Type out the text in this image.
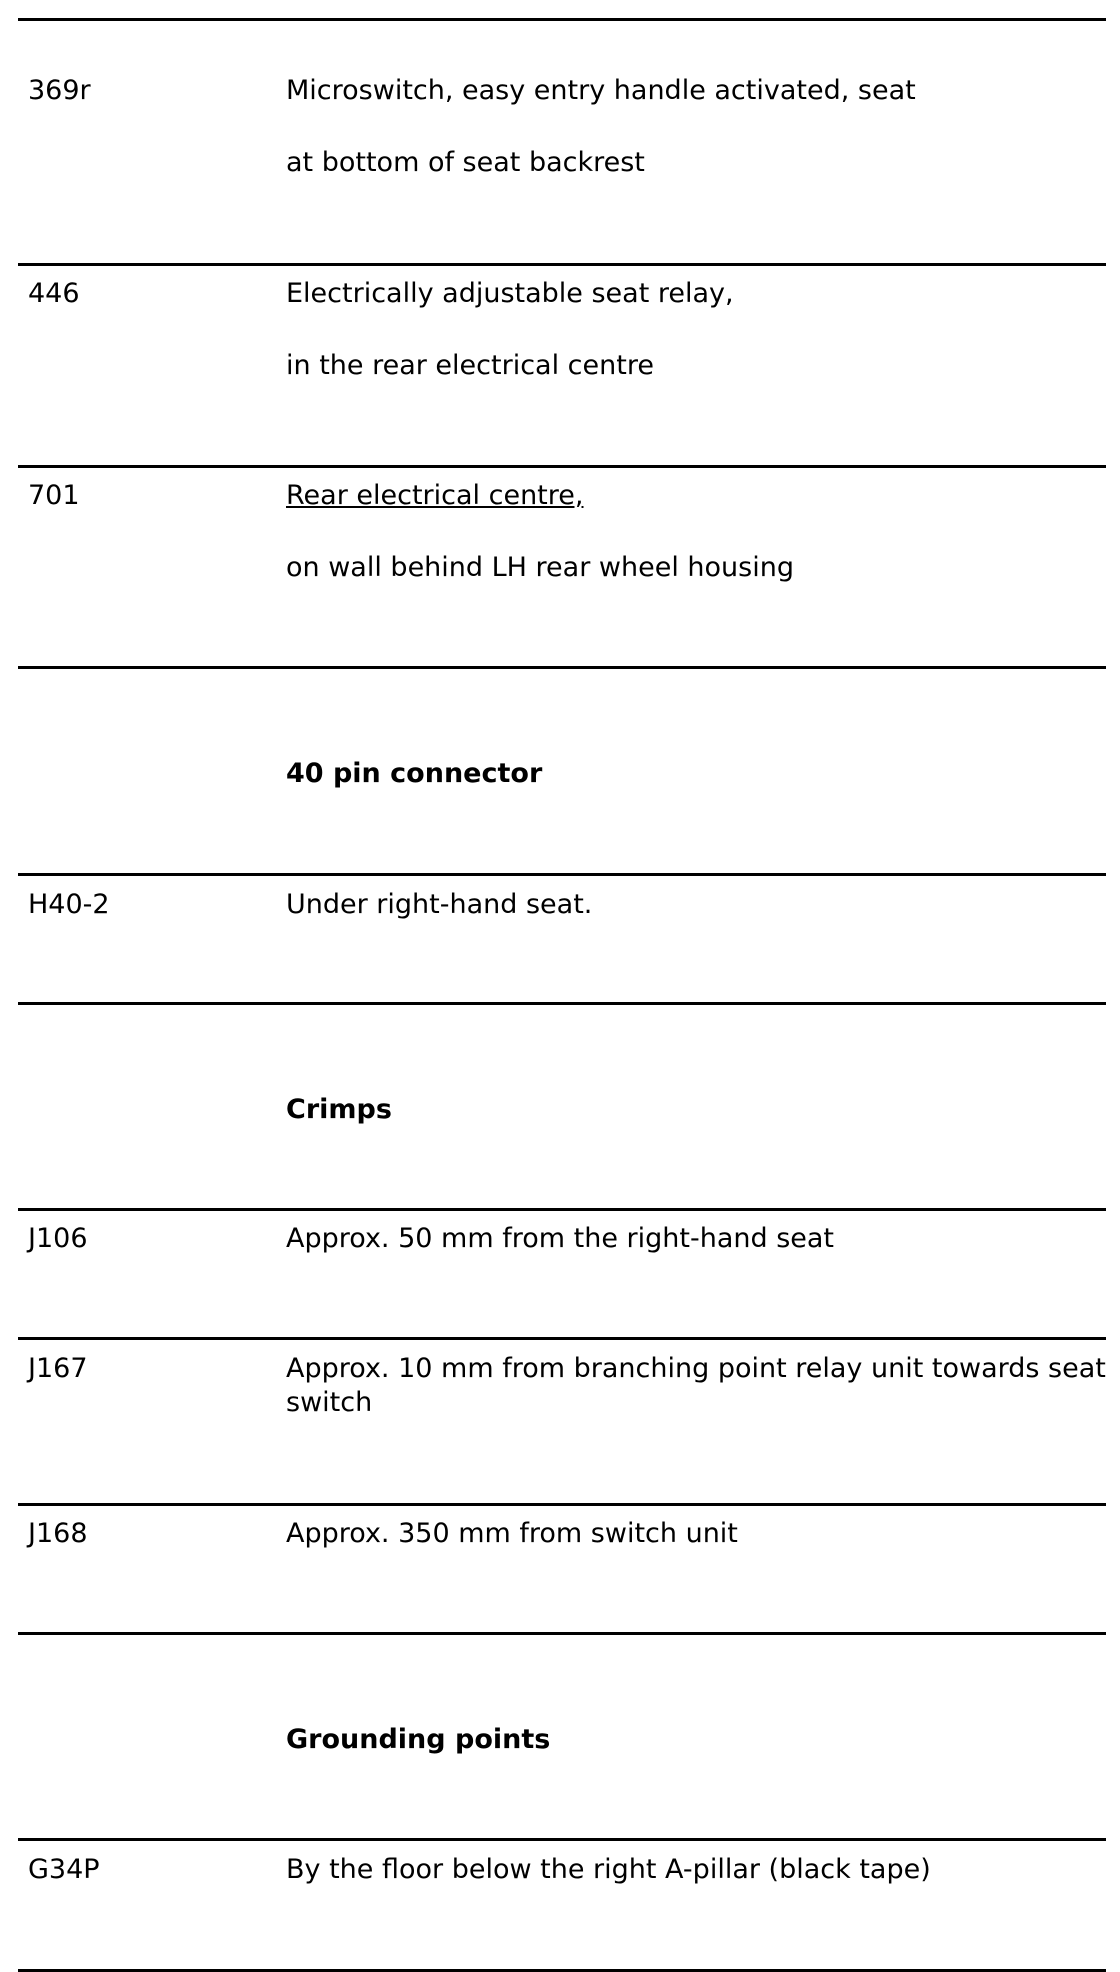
369r	Microswitch, easy entry handle activated, seat
at bottom of seat backrest
446	Electrically adjustable seat relay,
in the rear electrical centre
701	Rear electrical centre,
on wall behind LH rear wheel housing
40 pin connector
H40-2	Under right-hand seat.
Crimps
J106	Approx. 50 mm from the right-hand seat
J167	Approx. 10 mm from branching point relay unit towards seat switch
J168	Approx. 350 mm from switch unit
Grounding points
G34P	By the floor below the right A-pillar (black tape)
